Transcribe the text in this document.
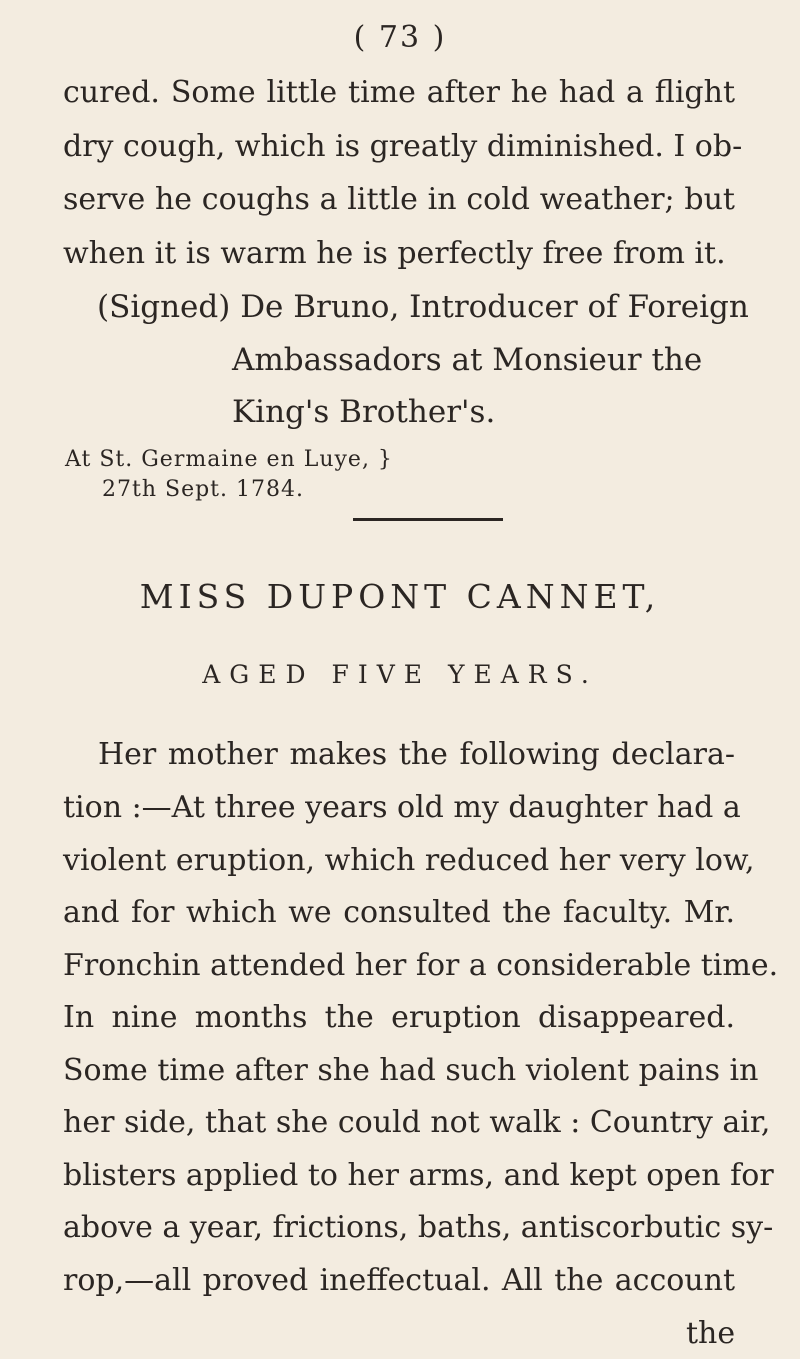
( 73 )
cured. Some little time after he had a flight
dry cough, which is greatly diminished. I ob-
serve he coughs a little in cold weather; but
when it is warm he is perfectly free from it.
(Signed) De Bruno, Introducer of Foreign
Ambassadors at Monsieur the
King's Brother's.
At St. Germaine en Luye, }
27th Sept. 1784.
MISS DUPONT CANNET,
AGED FIVE YEARS.
Her mother makes the following declara-
tion :—At three years old my daughter had a
violent eruption, which reduced her very low,
and for which we consulted the faculty. Mr.
Fronchin attended her for a considerable time.
In nine months the eruption disappeared.
Some time after she had such violent pains in
her side, that she could not walk : Country air,
blisters applied to her arms, and kept open for
above a year, frictions, baths, antiscorbutic sy-
rop,—all proved ineffectual. All the account
the
